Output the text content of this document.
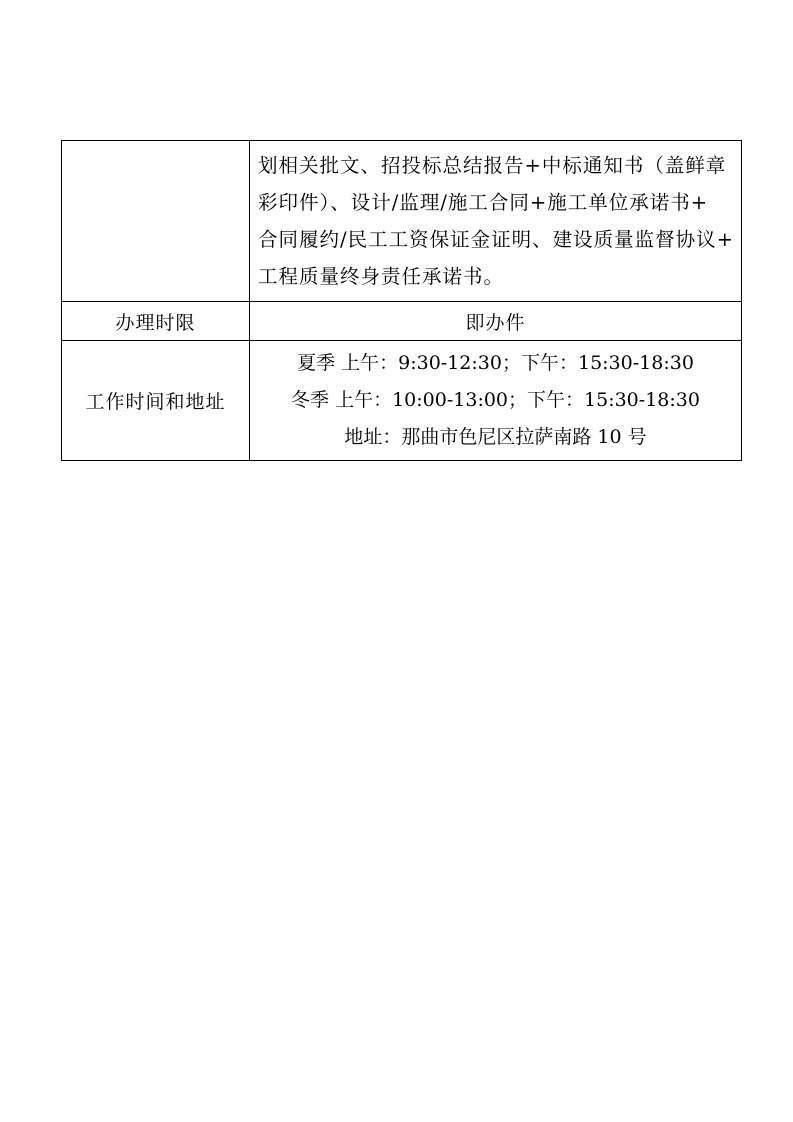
	划相关批文、招投标总结报告+中标通知书（盖鲜章
彩印件）、设计/监理/施工合同+施工单位承诺书+
合同履约/民工工资保证金证明、建设质量监督协议+
工程质量终身责任承诺书。

办理时限	即办件
工作时间和地址	夏季 上午：9:30-12:30；下午：15:30-18:30
冬季 上午：10:00-13:00；下午：15:30-18:30
地址：那曲市色尼区拉萨南路 10 号
